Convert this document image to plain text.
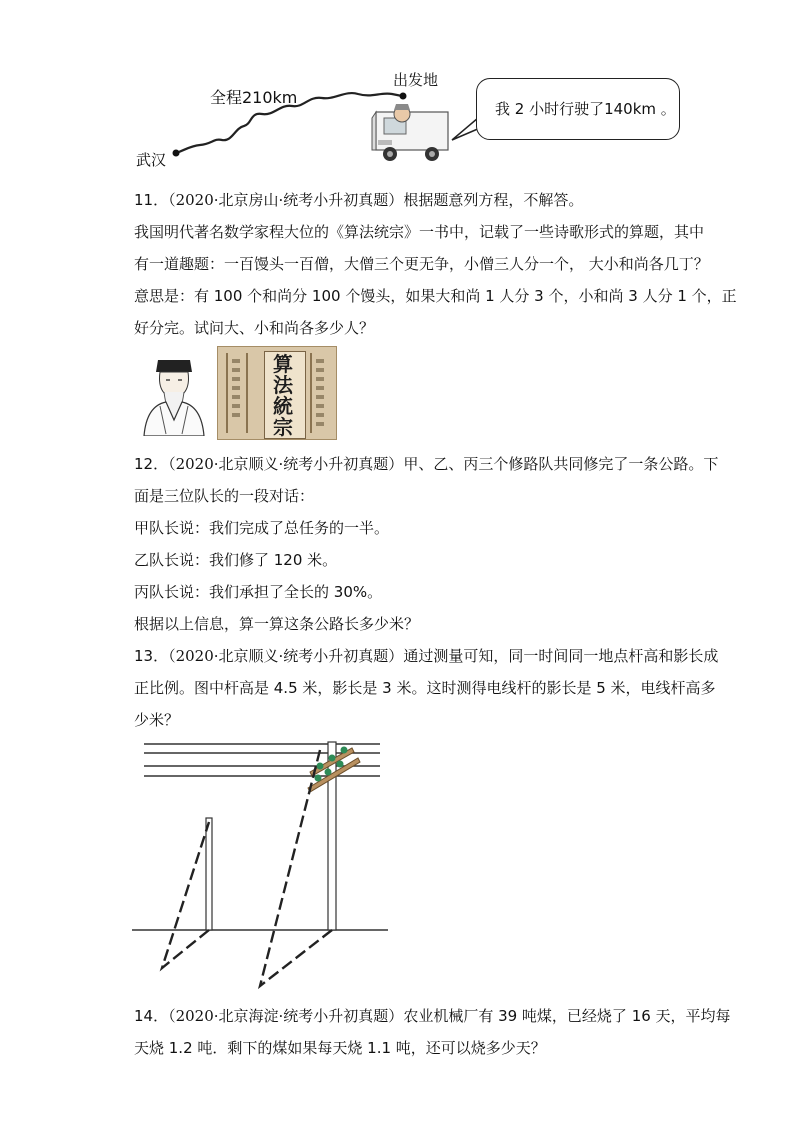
武汉
出发地
全程210km
我 2 小时行驶了140km 。
11．（2020·北京房山·统考小升初真题）根据题意列方程，不解答。
我国明代著名数学家程大位的《算法统宗》一书中，记载了一些诗歌形式的算题，其中
有一道趣题：一百馒头一百僧，大僧三个更无争，小僧三人分一个， 大小和尚各几丁？
意思是：有 100 个和尚分 100 个馒头，如果大和尚 1 人分 3 个，小和尚 3 人分 1 个，正
好分完。试问大、小和尚各多少人？
算
法
統
宗
12．（2020·北京顺义·统考小升初真题）甲、乙、丙三个修路队共同修完了一条公路。下
面是三位队长的一段对话：
甲队长说：我们完成了总任务的一半。
乙队长说：我们修了 120 米。
丙队长说：我们承担了全长的 30%。
根据以上信息，算一算这条公路长多少米？
13．（2020·北京顺义·统考小升初真题）通过测量可知，同一时间同一地点杆高和影长成
正比例。图中杆高是 4.5 米，影长是 3 米。这时测得电线杆的影长是 5 米，电线杆高多
少米？
14．（2020·北京海淀·统考小升初真题）农业机械厂有 39 吨煤，已经烧了 16 天，平均每
天烧 1.2 吨．剩下的煤如果每天烧 1.1 吨，还可以烧多少天？
